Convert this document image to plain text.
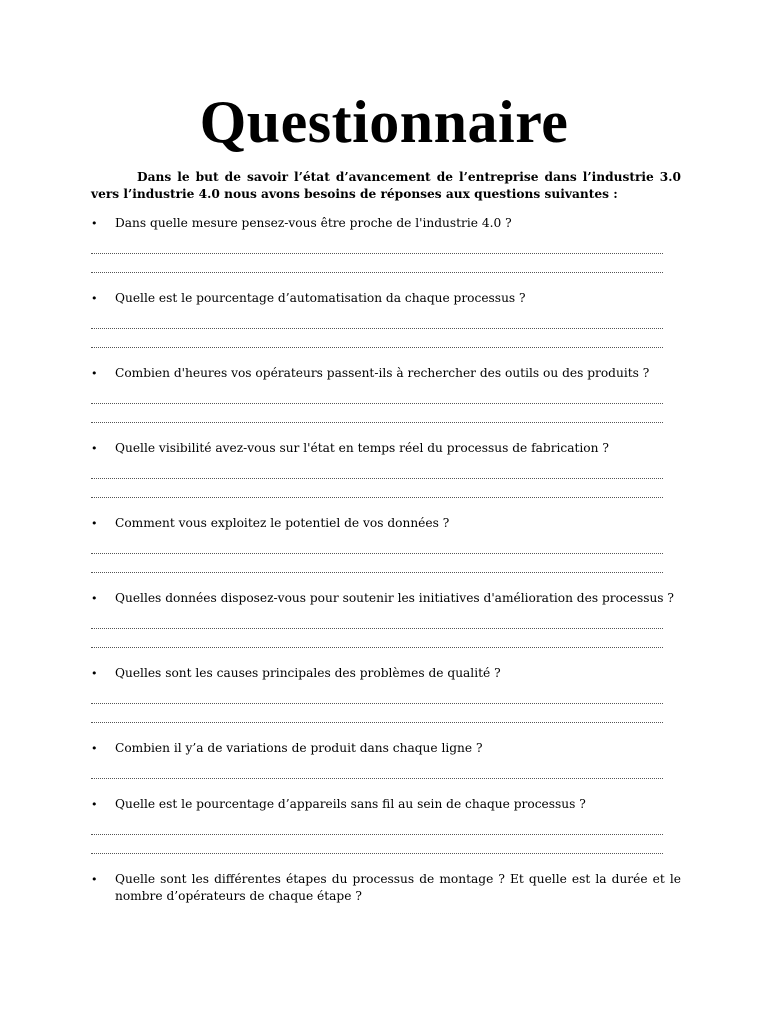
Questionnaire
Dans le but de savoir l’état d’avancement de l’entreprise dans l’industrie 3.0 vers l’industrie 4.0 nous avons besoins de réponses aux questions suivantes :
•	Dans quelle mesure pensez-vous être proche de l'industrie 4.0 ?
•	Quelle est le pourcentage d’automatisation da chaque processus ?
•	Combien d'heures vos opérateurs passent-ils à rechercher des outils ou des produits ?
•	Quelle visibilité avez-vous sur l'état en temps réel du processus de fabrication ?
•	Comment vous exploitez le potentiel de vos données ?
•	Quelles données disposez-vous pour soutenir les initiatives d'amélioration des processus ?
•	Quelles sont les causes principales des problèmes de qualité ?
•	Combien il y’a de variations de produit dans chaque ligne ?
•	Quelle est le pourcentage d’appareils sans fil au sein de chaque processus ?
•	Quelle sont les différentes étapes du processus de montage ? Et quelle est la durée et le nombre d’opérateurs de chaque étape ?
